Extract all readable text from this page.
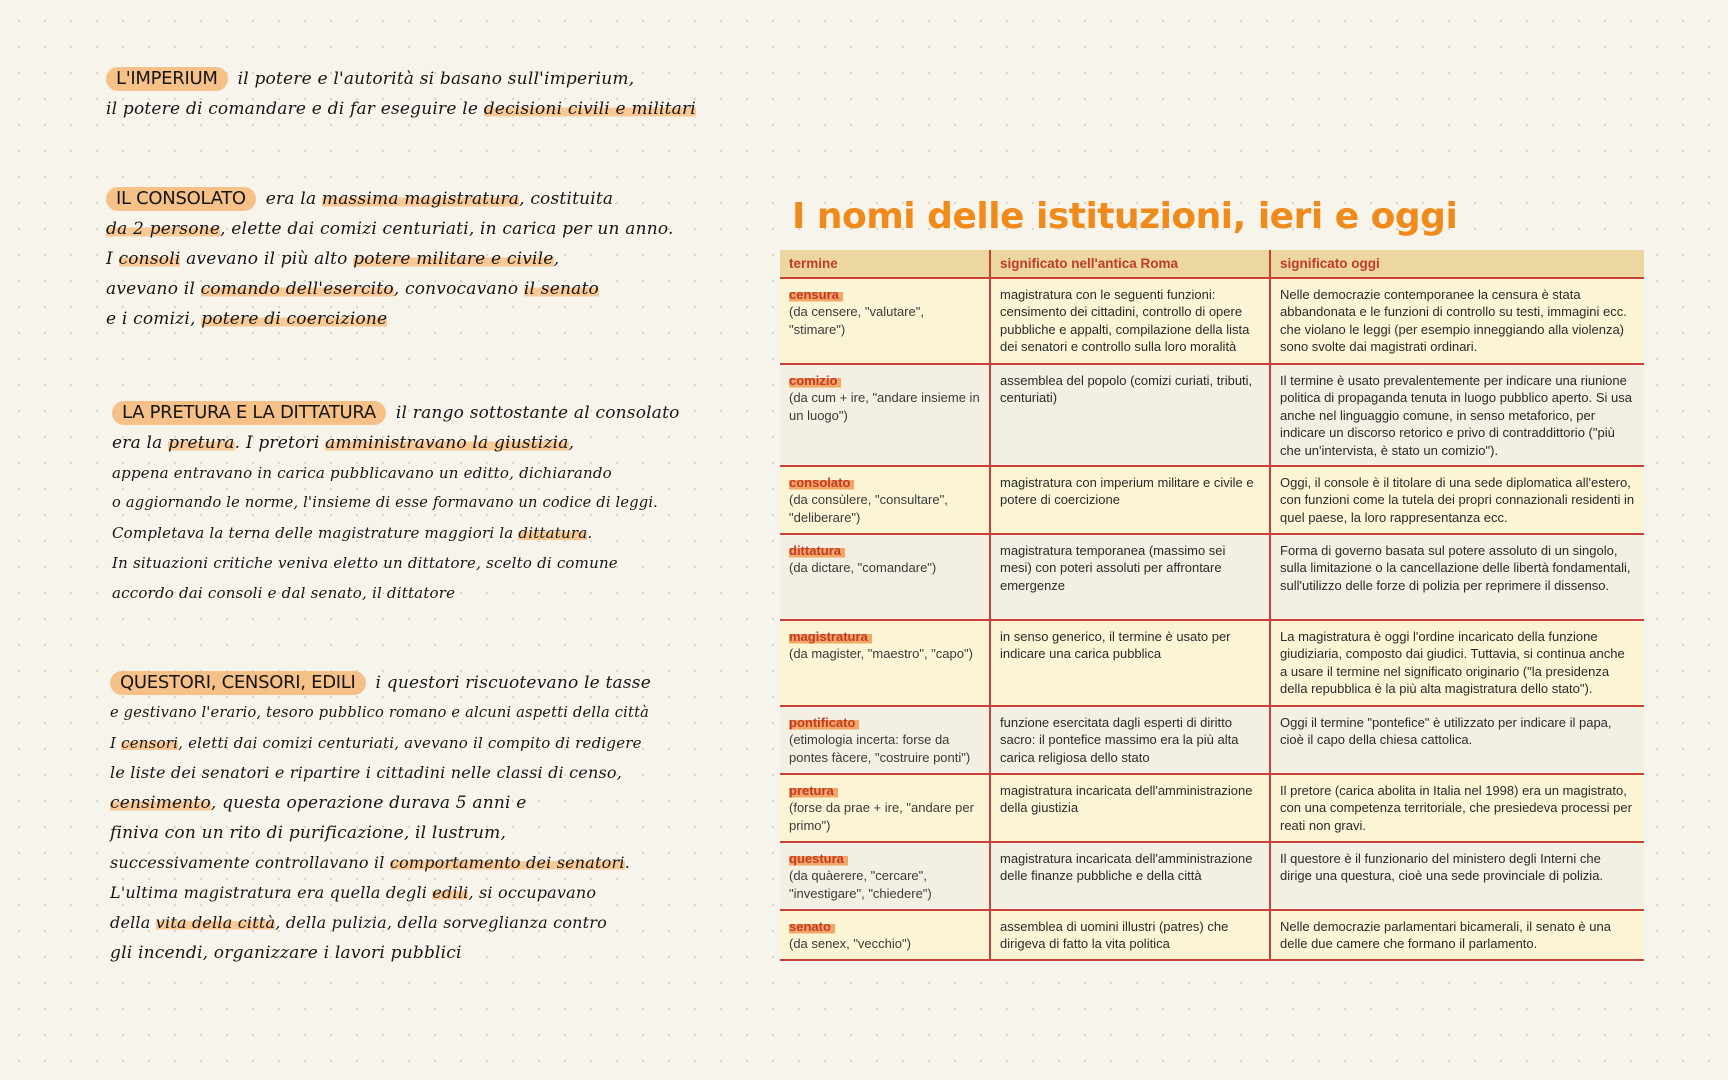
L'IMPERIUM il potere e l'autorità si basano sull'imperium,
il potere di comandare e di far eseguire le decisioni civili e militari
IL CONSOLATO era la massima magistratura, costituita
da 2 persone, elette dai comizi centuriati, in carica per un anno.
I consoli avevano il più alto potere militare e civile,
avevano il comando dell'esercito, convocavano il senato
e i comizi, potere di coercizione
LA PRETURA E LA DITTATURA il rango sottostante al consolato
era la pretura. I pretori amministravano la giustizia,
appena entravano in carica pubblicavano un editto, dichiarando
o aggiornando le norme, l'insieme di esse formavano un codice di leggi.
Completava la terna delle magistrature maggiori la dittatura.
In situazioni critiche veniva eletto un dittatore, scelto di comune
accordo dai consoli e dal senato, il dittatore
QUESTORI, CENSORI, EDILI i questori riscuotevano le tasse
e gestivano l'erario, tesoro pubblico romano e alcuni aspetti della città
I censori, eletti dai comizi centuriati, avevano il compito di redigere
le liste dei senatori e ripartire i cittadini nelle classi di censo,
censimento, questa operazione durava 5 anni e
finiva con un rito di purificazione, il lustrum,
successivamente controllavano il comportamento dei senatori.
L'ultima magistratura era quella degli edili, si occupavano
della vita della città, della pulizia, della sorveglianza contro
gli incendi, organizzare i lavori pubblici
I nomi delle istituzioni, ieri e oggi
termine	significato nell'antica Roma	significato oggi
censura
(da censere, "valutare", "stimare")	magistratura con le seguenti funzioni: censimento dei cittadini, controllo di opere pubbliche e appalti, compilazione della lista dei senatori e controllo sulla loro moralità	Nelle democrazie contemporanee la censura è stata abbandonata e le funzioni di controllo su testi, immagini ecc. che violano le leggi (per esempio inneggiando alla violenza) sono svolte dai magistrati ordinari.
comizio
(da cum + ire, "andare insieme in un luogo")	assemblea del popolo (comizi curiati, tributi, centuriati)	Il termine è usato prevalentemente per indicare una riunione politica di propaganda tenuta in luogo pubblico aperto. Si usa anche nel linguaggio comune, in senso metaforico, per indicare un discorso retorico e privo di contraddittorio ("più che un'intervista, è stato un comizio").
consolato
(da consùlere, "consultare", "deliberare")	magistratura con imperium militare e civile e potere di coercizione	Oggi, il console è il titolare di una sede diplomatica all'estero, con funzioni come la tutela dei propri connazionali residenti in quel paese, la loro rappresentanza ecc.
dittatura
(da dictare, "comandare")	magistratura temporanea (massimo sei mesi) con poteri assoluti per affrontare emergenze	Forma di governo basata sul potere assoluto di un singolo, sulla limitazione o la cancellazione delle libertà fondamentali, sull'utilizzo delle forze di polizia per reprimere il dissenso.
magistratura
(da magister, "maestro", "capo")	in senso generico, il termine è usato per indicare una carica pubblica	La magistratura è oggi l'ordine incaricato della funzione giudiziaria, composto dai giudici. Tuttavia, si continua anche a usare il termine nel significato originario ("la presidenza della repubblica è la più alta magistratura dello stato").
pontificato
(etimologia incerta: forse da pontes fàcere, "costruire ponti")	funzione esercitata dagli esperti di diritto sacro: il pontefice massimo era la più alta carica religiosa dello stato	Oggi il termine "pontefice" è utilizzato per indicare il papa, cioè il capo della chiesa cattolica.
pretura
(forse da prae + ire, "andare per primo")	magistratura incaricata dell'amministrazione della giustizia	Il pretore (carica abolita in Italia nel 1998) era un magistrato, con una competenza territoriale, che presiedeva processi per reati non gravi.
questura
(da quàerere, "cercare", "investigare", "chiedere")	magistratura incaricata dell'amministrazione delle finanze pubbliche e della città	Il questore è il funzionario del ministero degli Interni che dirige una questura, cioè una sede provinciale di polizia.
senato
(da senex, "vecchio")	assemblea di uomini illustri (patres) che dirigeva di fatto la vita politica	Nelle democrazie parlamentari bicamerali, il senato è una delle due camere che formano il parlamento.
